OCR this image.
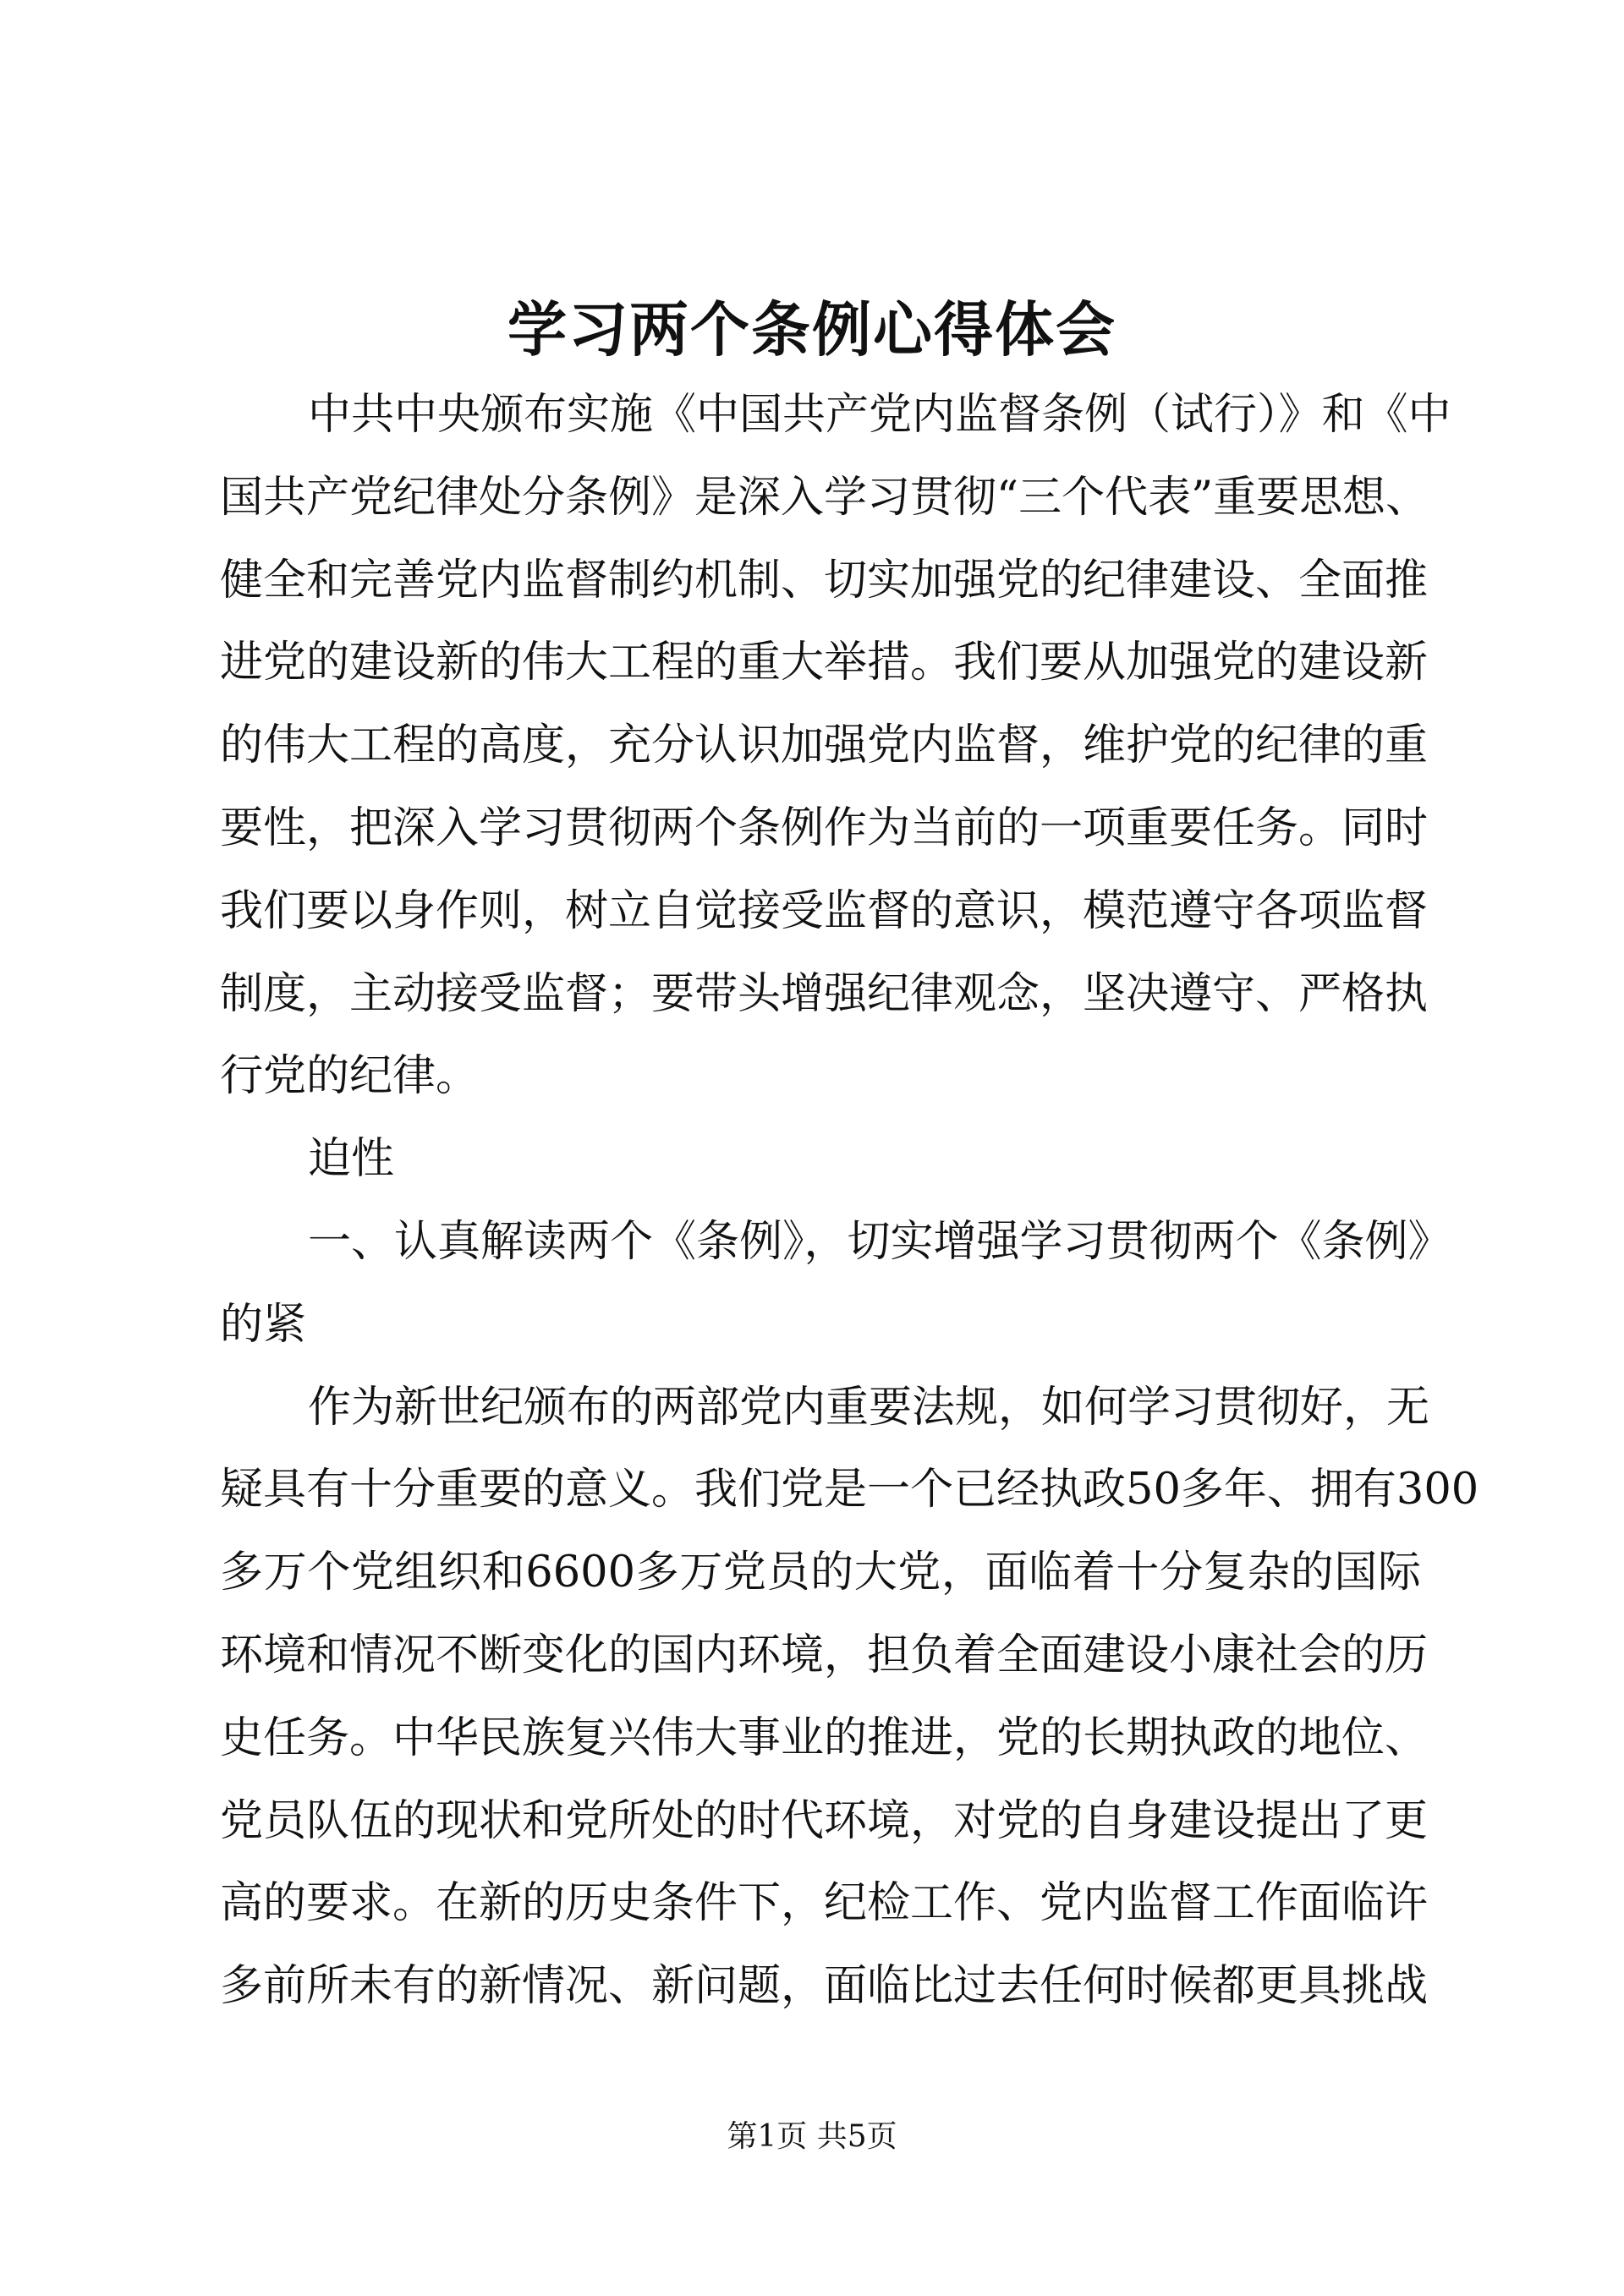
学习两个条例心得体会
中共中央颁布实施《中国共产党内监督条例（试行）》和《中
国共产党纪律处分条例》是深入学习贯彻“三个代表”重要思想、
健全和完善党内监督制约机制、切实加强党的纪律建设、全面推
进党的建设新的伟大工程的重大举措。我们要从加强党的建设新
的伟大工程的高度，充分认识加强党内监督，维护党的纪律的重
要性，把深入学习贯彻两个条例作为当前的一项重要任务。同时
我们要以身作则，树立自觉接受监督的意识，模范遵守各项监督
制度，主动接受监督；要带头增强纪律观念，坚决遵守、严格执
行党的纪律。
迫性
一、认真解读两个《条例》，切实增强学习贯彻两个《条例》
的紧
作为新世纪颁布的两部党内重要法规，如何学习贯彻好，无
疑具有十分重要的意义。我们党是一个已经执政50多年、拥有300
多万个党组织和6600多万党员的大党，面临着十分复杂的国际
环境和情况不断变化的国内环境，担负着全面建设小康社会的历
史任务。中华民族复兴伟大事业的推进，党的长期执政的地位、
党员队伍的现状和党所处的时代环境，对党的自身建设提出了更
高的要求。在新的历史条件下，纪检工作、党内监督工作面临许
多前所未有的新情况、新问题，面临比过去任何时候都更具挑战
第1页 共5页
